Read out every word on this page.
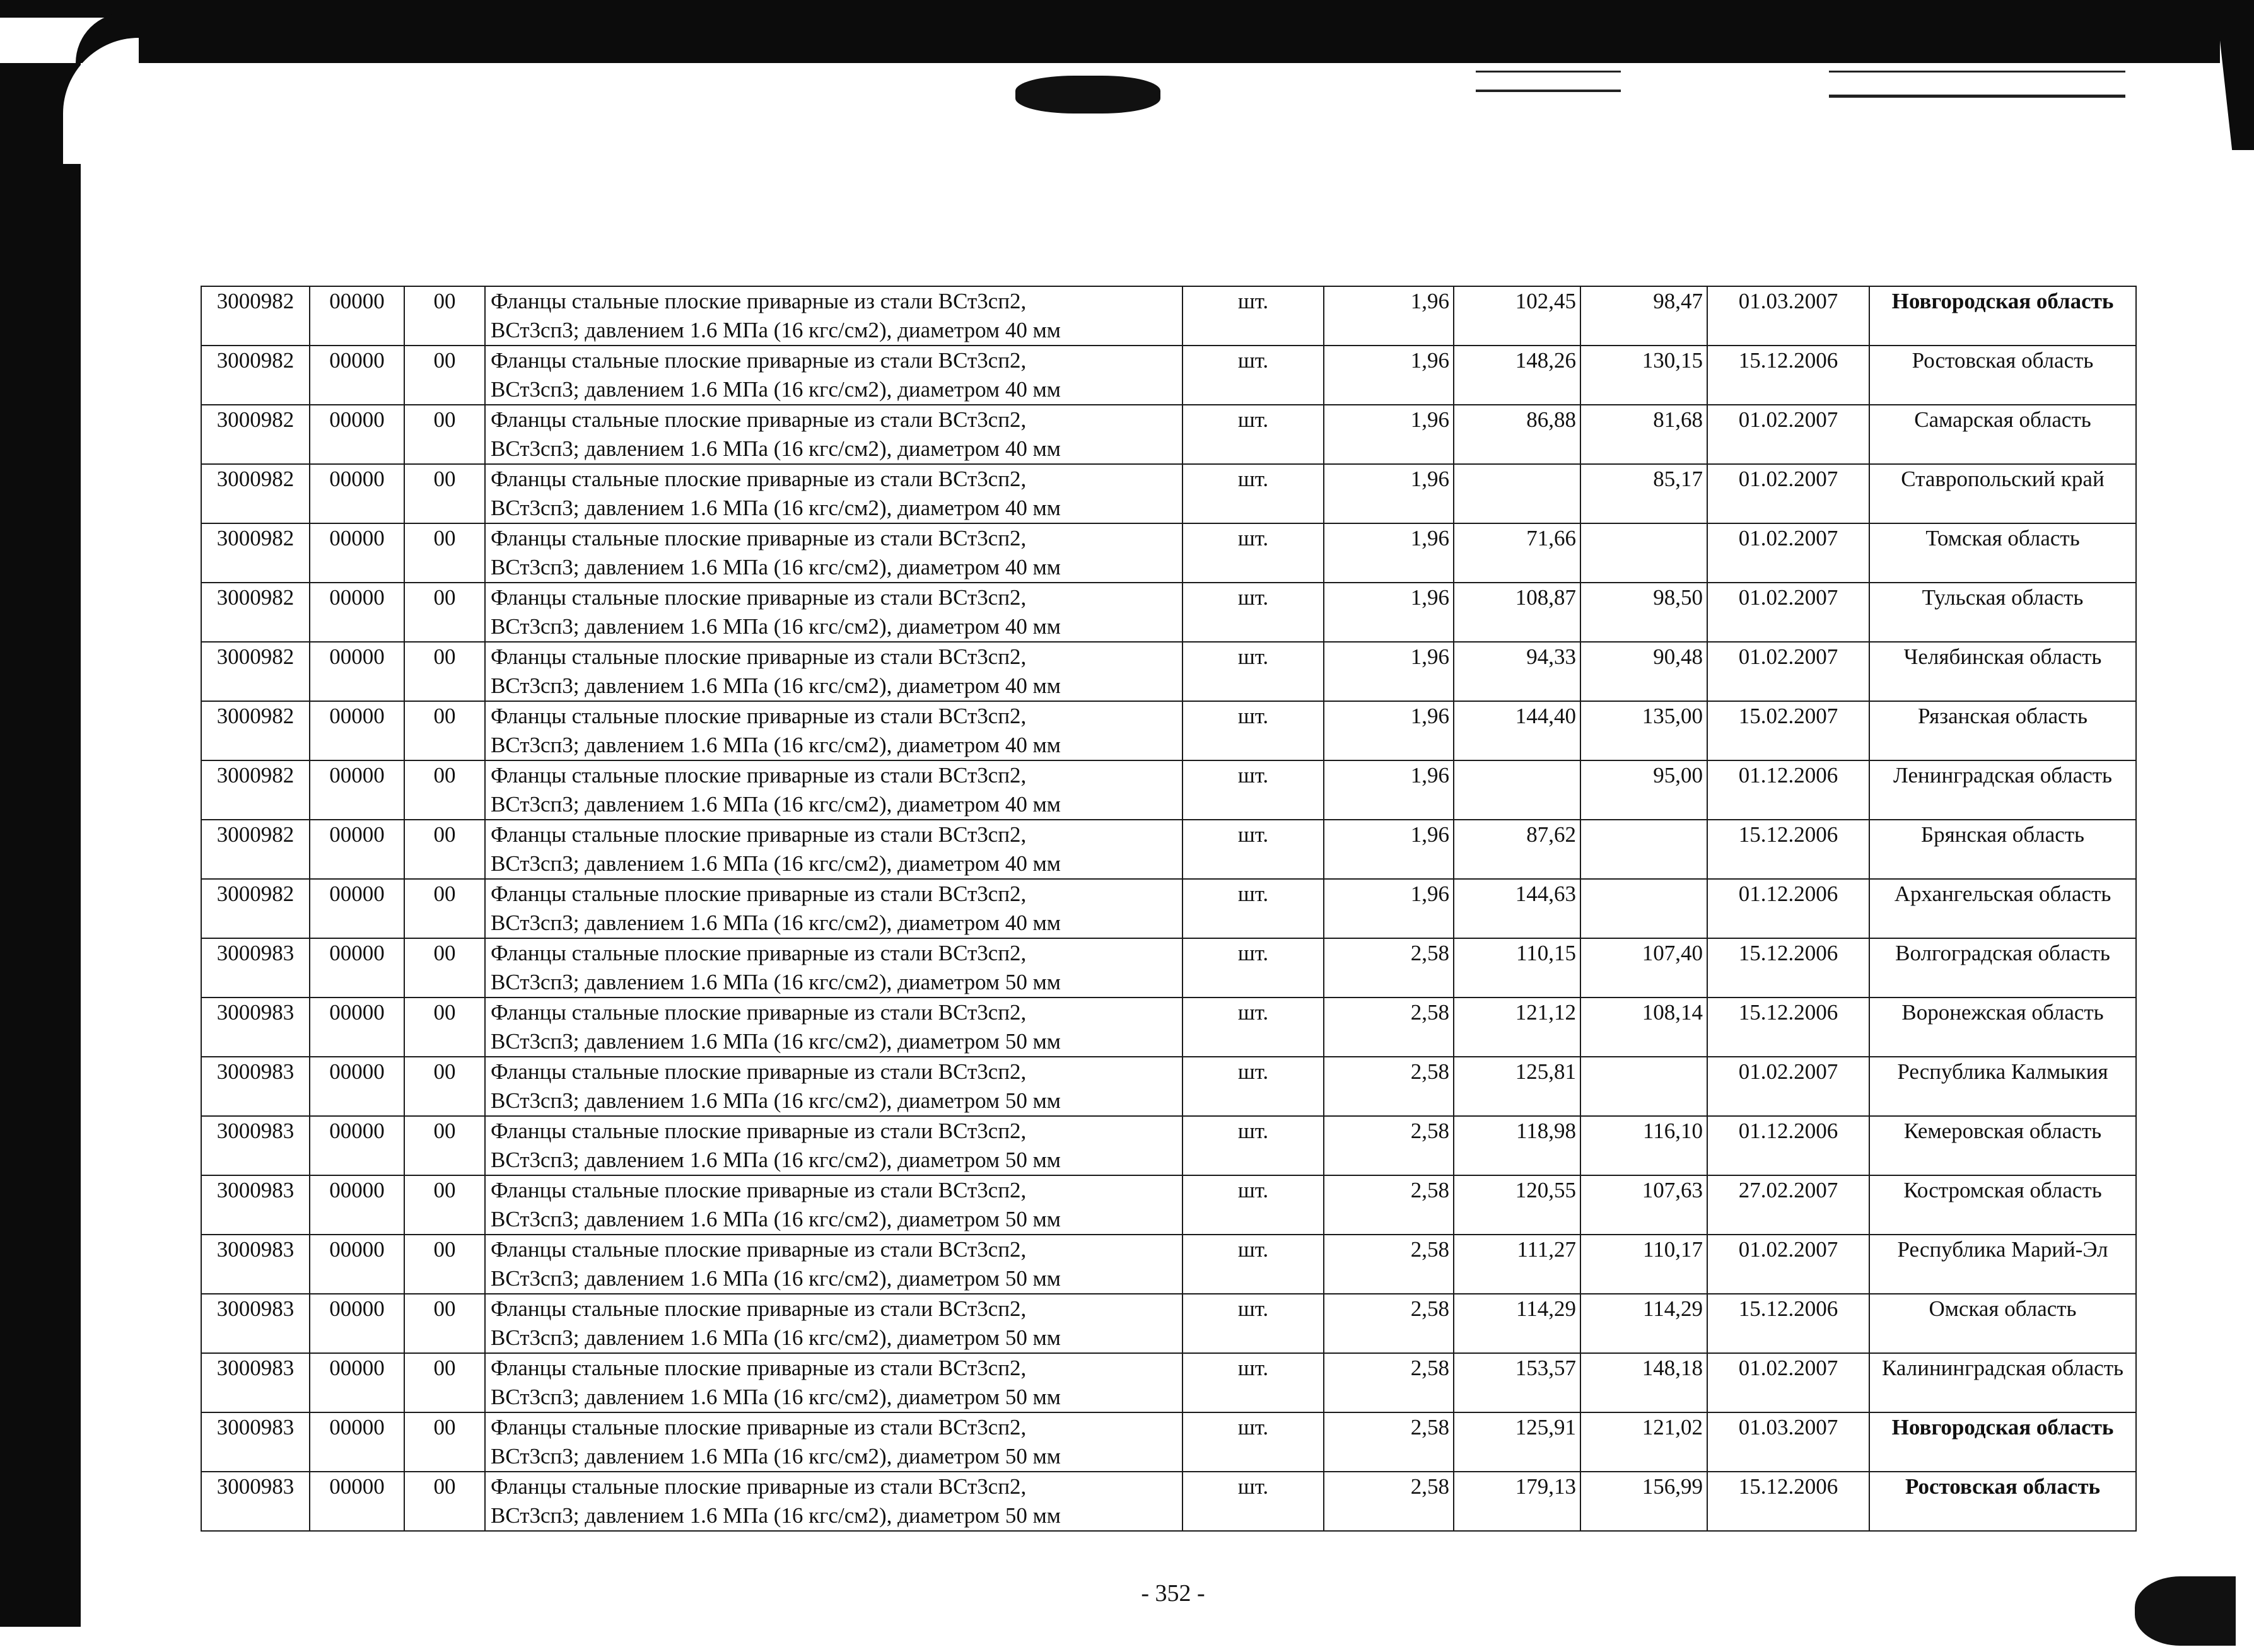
3000982	00000	00	Фланцы стальные плоские приварные из стали ВСт3сп2,
ВСт3сп3; давлением 1.6 МПа (16 кгс/см2), диаметром 40 мм	шт.	1,96	102,45	98,47	01.03.2007	Новгородская область
3000982	00000	00	Фланцы стальные плоские приварные из стали ВСт3сп2,
ВСт3сп3; давлением 1.6 МПа (16 кгс/см2), диаметром 40 мм	шт.	1,96	148,26	130,15	15.12.2006	Ростовская область
3000982	00000	00	Фланцы стальные плоские приварные из стали ВСт3сп2,
ВСт3сп3; давлением 1.6 МПа (16 кгс/см2), диаметром 40 мм	шт.	1,96	86,88	81,68	01.02.2007	Самарская область
3000982	00000	00	Фланцы стальные плоские приварные из стали ВСт3сп2,
ВСт3сп3; давлением 1.6 МПа (16 кгс/см2), диаметром 40 мм	шт.	1,96		85,17	01.02.2007	Ставропольский край
3000982	00000	00	Фланцы стальные плоские приварные из стали ВСт3сп2,
ВСт3сп3; давлением 1.6 МПа (16 кгс/см2), диаметром 40 мм	шт.	1,96	71,66		01.02.2007	Томская область
3000982	00000	00	Фланцы стальные плоские приварные из стали ВСт3сп2,
ВСт3сп3; давлением 1.6 МПа (16 кгс/см2), диаметром 40 мм	шт.	1,96	108,87	98,50	01.02.2007	Тульская область
3000982	00000	00	Фланцы стальные плоские приварные из стали ВСт3сп2,
ВСт3сп3; давлением 1.6 МПа (16 кгс/см2), диаметром 40 мм	шт.	1,96	94,33	90,48	01.02.2007	Челябинская область
3000982	00000	00	Фланцы стальные плоские приварные из стали ВСт3сп2,
ВСт3сп3; давлением 1.6 МПа (16 кгс/см2), диаметром 40 мм	шт.	1,96	144,40	135,00	15.02.2007	Рязанская область
3000982	00000	00	Фланцы стальные плоские приварные из стали ВСт3сп2,
ВСт3сп3; давлением 1.6 МПа (16 кгс/см2), диаметром 40 мм	шт.	1,96		95,00	01.12.2006	Ленинградская область
3000982	00000	00	Фланцы стальные плоские приварные из стали ВСт3сп2,
ВСт3сп3; давлением 1.6 МПа (16 кгс/см2), диаметром 40 мм	шт.	1,96	87,62		15.12.2006	Брянская область
3000982	00000	00	Фланцы стальные плоские приварные из стали ВСт3сп2,
ВСт3сп3; давлением 1.6 МПа (16 кгс/см2), диаметром 40 мм	шт.	1,96	144,63		01.12.2006	Архангельская область
3000983	00000	00	Фланцы стальные плоские приварные из стали ВСт3сп2,
ВСт3сп3; давлением 1.6 МПа (16 кгс/см2), диаметром 50 мм	шт.	2,58	110,15	107,40	15.12.2006	Волгоградская область
3000983	00000	00	Фланцы стальные плоские приварные из стали ВСт3сп2,
ВСт3сп3; давлением 1.6 МПа (16 кгс/см2), диаметром 50 мм	шт.	2,58	121,12	108,14	15.12.2006	Воронежская область
3000983	00000	00	Фланцы стальные плоские приварные из стали ВСт3сп2,
ВСт3сп3; давлением 1.6 МПа (16 кгс/см2), диаметром 50 мм	шт.	2,58	125,81		01.02.2007	Республика Калмыкия
3000983	00000	00	Фланцы стальные плоские приварные из стали ВСт3сп2,
ВСт3сп3; давлением 1.6 МПа (16 кгс/см2), диаметром 50 мм	шт.	2,58	118,98	116,10	01.12.2006	Кемеровская область
3000983	00000	00	Фланцы стальные плоские приварные из стали ВСт3сп2,
ВСт3сп3; давлением 1.6 МПа (16 кгс/см2), диаметром 50 мм	шт.	2,58	120,55	107,63	27.02.2007	Костромская область
3000983	00000	00	Фланцы стальные плоские приварные из стали ВСт3сп2,
ВСт3сп3; давлением 1.6 МПа (16 кгс/см2), диаметром 50 мм	шт.	2,58	111,27	110,17	01.02.2007	Республика Марий-Эл
3000983	00000	00	Фланцы стальные плоские приварные из стали ВСт3сп2,
ВСт3сп3; давлением 1.6 МПа (16 кгс/см2), диаметром 50 мм	шт.	2,58	114,29	114,29	15.12.2006	Омская область
3000983	00000	00	Фланцы стальные плоские приварные из стали ВСт3сп2,
ВСт3сп3; давлением 1.6 МПа (16 кгс/см2), диаметром 50 мм	шт.	2,58	153,57	148,18	01.02.2007	Калининградская область
3000983	00000	00	Фланцы стальные плоские приварные из стали ВСт3сп2,
ВСт3сп3; давлением 1.6 МПа (16 кгс/см2), диаметром 50 мм	шт.	2,58	125,91	121,02	01.03.2007	Новгородская область
3000983	00000	00	Фланцы стальные плоские приварные из стали ВСт3сп2,
ВСт3сп3; давлением 1.6 МПа (16 кгс/см2), диаметром 50 мм	шт.	2,58	179,13	156,99	15.12.2006	Ростовская область
- 352 -
